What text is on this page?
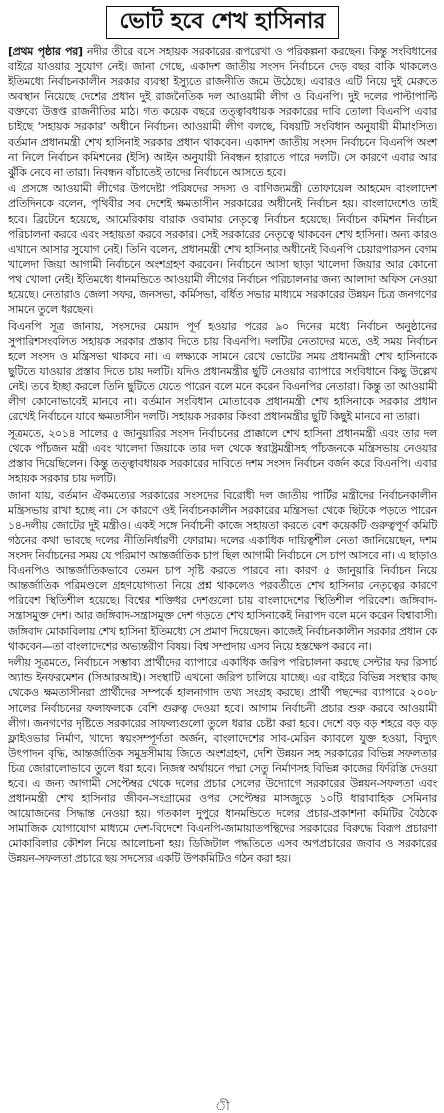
ভোট হবে শেখ হাসিনার

[প্রথম পৃষ্ঠার পর] নদীর তীরে বসে সহায়ক সরকারের রূপরেখা ও পরিকল্পনা করছেন। কিন্তু সংবিধানের বাইরে যাওয়ার সুযোগ নেই। জানা গেছে, একাদশ জাতীয় সংসদ নির্বাচনে দেড় বছর বাকি থাকলেও ইতিমধ্যে নির্বাচনকালীন সরকার ব্যবস্থা ইস্যুতে রাজনীতি জমে উঠেছে। এবারও এটি নিয়ে দুই মেরুতে অবস্থান নিয়েছে দেশের প্রধান দুই রাজনৈতিক দল আওয়ামী লীগ ও বিএনপি। দুই দলের পাল্টাপাল্টি বক্তব্যে উত্তপ্ত রাজনীতির মাঠ। গত কয়েক বছরে তত্ত্বাবধায়ক সরকারের দাবি তোলা বিএনপি এবার চাইছে ‘সহায়ক সরকার’ অধীনে নির্বাচন। আওয়ামী লীগ বলছে, বিষয়টি সংবিধান অনুযায়ী মীমাংসিত। বর্তমান প্রধানমন্ত্রী শেখ হাসিনাই সরকার প্রধান থাকবেন। একাদশ জাতীয় সংসদ নির্বাচনে বিএনপি অংশ না নিলে নির্বাচন কমিশনের (ইসি) আইন অনুযায়ী নিবন্ধন হারাতে পারে দলটি। সে কারণে এবার আর ঝুঁকি নেবে না তারা। নিবন্ধন বাঁচাতেই তাদের নির্বাচনে আসতে হবে।

এ প্রসঙ্গে আওয়ামী লীগের উপদেষ্টা পরিষদের সদস্য ও বাণিজ্যমন্ত্রী তোফায়েল আহমেদ বাংলাদেশ প্রতিদিনকে বলেন, পৃথিবীর সব দেশেই ক্ষমতাসীন সরকারের অধীনেই নির্বাচন হয়। বাংলাদেশেও তাই হবে। ব্রিটেনে হয়েছে, আমেরিকায় বারাক ওবামার নেতৃত্বে নির্বাচন হয়েছে। নির্বাচন কমিশন নির্বাচন পরিচালনা করবে এবং সহায়তা করবে সরকার। সেই সরকারের নেতৃত্বে থাকবেন শেখ হাসিনা। অন্য কারও এখানে আসার সুযোগ নেই। তিনি বলেন, প্রধানমন্ত্রী শেখ হাসিনার অধীনেই বিএনপি চেয়ারপারসন বেগম খালেদা জিয়া আগামী নির্বাচনে অংশগ্রহণ করবেন। নির্বাচনে আসা ছাড়া খালেদা জিয়ার আর কোনো পথ খোলা নেই। ইতিমধ্যে ধানমন্ডিতে আওয়ামী লীগের নির্বাচন পরিচালনার জন্য আলাদা অফিস নেওয়া হয়েছে। নেতারাও জেলা সফর, জনসভা, কর্মিসভা, বর্ধিত সভার মাধ্যমে সরকারের উন্নয়ন চিত্র জনগণের সামনে তুলে ধরছেন।

বিএনপি সূত্র জানায়, সংসদের মেয়াদ পূর্ণ হওয়ার পরের ৯০ দিনের মধ্যে নির্বাচন অনুষ্ঠানের সুপারিশসংবলিত সহায়ক সরকার প্রস্তাব দিতে চায় বিএনপি। দলটির নেতাদের মতে, ওই সময় নির্বাচন হলে সংসদ ও মন্ত্রিসভা থাকবে না। এ লক্ষ্যকে সামনে রেখে ভোটের সময় প্রধানমন্ত্রী শেখ হাসিনাকে ছুটিতে যাওয়ার প্রস্তাব দিতে চায় দলটি। যদিও প্রধানমন্ত্রীর ছুটি নেওয়ার ব্যাপারে সংবিধানে কিছু উল্লেখ নেই। তবে ইচ্ছা করলে তিনি ছুটিতে যেতে পারেন বলে মনে করেন বিএনপির নেতারা। কিন্তু তা আওয়ামী লীগ কোনোভাবেই মানবে না। বর্তমান সংবিধান মোতাবেক প্রধানমন্ত্রী শেখ হাসিনাকে সরকার প্রধান রেখেই নির্বাচনে যাবে ক্ষমতাসীন দলটি। সহায়ক সরকার কিংবা প্রধানমন্ত্রীর ছুটি কিছুই মানবে না তারা।

সূত্রমতে, ২০১৪ সালের ৫ জানুয়ারির সংসদ নির্বাচনের প্রাক্কালে শেখ হাসিনা প্রধানমন্ত্রী এবং তার দল থেকে পাঁচজন মন্ত্রী এবং খালেদা জিয়াকে তার দল থেকে স্বরাষ্ট্রমন্ত্রীসহ পাঁচজনকে মন্ত্রিসভায় নেওয়ার প্রস্তাব দিয়েছিলেন। কিন্তু তত্ত্বাবধায়ক সরকারের দাবিতে দশম সংসদ নির্বাচন বর্জন করে বিএনপি। এবার সহায়ক সরকার চায় দলটি।

জানা যায়, বর্তমান ঐকমত্যের সরকারের সংসদের বিরোধী দল জাতীয় পার্টির মন্ত্রীদের নির্বাচনকালীন মন্ত্রিসভায় রাখা হচ্ছে না। সে কারণে ওই নির্বাচনকালীন সরকারের মন্ত্রিসভা থেকে ছিটকে পড়তে পারেন ১৪-দলীয় জোটের দুই মন্ত্রীও। একই সঙ্গে নির্বাচনী কাজে সহায়তা করতে বেশ কয়েকটি গুরুত্বপূর্ণ কমিটি গঠনের কথা ভাবছে দলের নীতিনির্ধারণী ফোরাম। দলের একাধিক দায়িত্বশীল নেতা জানিয়েছেন, দশম সংসদ নির্বাচনের সময় যে পরিমাণ আন্তর্জাতিক চাপ ছিল আগামী নির্বাচনে সে চাপ আসবে না। এ ছাড়াও বিএনপিও আন্তর্জাতিকভাবে তেমন চাপ সৃষ্টি করতে পারবে না। কারণ ৫ জানুয়ারি নির্বাচন নিয়ে আন্তর্জাতিক পরিমণ্ডলে গ্রহণযোগ্যতা নিয়ে প্রশ্ন থাকলেও পরবর্তীতে শেখ হাসিনার নেতৃত্বের কারণে পরিবেশ স্থিতিশীল হয়েছে। বিশ্বের শক্তিধর দেশগুলো চায় বাংলাদেশের স্থিতিশীল পরিবেশ। জঙ্গিবাদ-সন্ত্রাসমুক্ত দেশ। আর জঙ্গিবাদ-সন্ত্রাসমুক্ত দেশ গড়তে শেখ হাসিনাকেই নিরাপদ বলে মনে করেন বিশ্বাবাসী। জঙ্গিবাদ মোকাবিলায় শেখ হাসিনা ইতিমধ্যে সে প্রমাণ দিয়েছেন। কাজেই নির্বাচনকালীন সরকার প্রধান কে থাকবেন—তা বাংলাদেশের অভ্যন্তরীণ বিষয়। বিশ্ব সম্প্রদায় এসব নিয়ে হস্তক্ষেপ করবে না।

দলীয় সূত্রমতে, নির্বাচনে সম্ভাব্য প্রার্থীদের ব্যাপারে একাধিক জরিপ পরিচালনা করছে সেন্টার ফর রিসার্চ অ্যান্ড ইনফরমেশন (সিআরআই)। সংস্থাটি এখনো জরিপ চালিয়ে যাচ্ছে। এর বাইরে বিভিন্ন সংস্থার কাছ থেকেও ক্ষমতাসীনরা প্রার্থীদের সম্পর্কে হালনাগাদ তথ্য সংগ্রহ করছে। প্রার্থী পছন্দের ব্যাপারে ২০০৮ সালের নির্বাচনের ফলাফলকে বেশি গুরুত্ব দেওয়া হবে। আগাম নির্বাচনী প্রচার শুরু করবে আওয়ামী লীগ। জনগণের দৃষ্টিতে সরকারের সাফল্যগুলো তুলে ধরার চেষ্টা করা হবে। দেশে বড় বড় শহরে বড় বড় ফ্লাইওভার নির্মাণ, খাদ্যে স্বয়ংসম্পূর্ণতা অর্জন, বাংলাদেশের সাব-মেরিন ক্যাবলে যুক্ত হওয়া, বিদ্যুৎ উৎপাদন বৃদ্ধি, আন্তর্জাতিক সমুদ্রসীমায় জিতে অংশগ্রহণ, দেশি উন্নয়ন সহ সরকারের বিভিন্ন সফলতার চিত্র জোরালোভাবে তুলে ধরা হবে। নিজস্ব অর্থায়নে পদ্মা সেতু নির্মাণসহ বিভিন্ন কাজের ফিরিস্তি দেওয়া হবে। এ জন্য আগামী সেপ্টেম্বর থেকে দলের প্রচার সেলের উদ্যোগে সরকারের উন্নয়ন-সফলতা এবং প্রধানমন্ত্রী শেখ হাসিনার জীবন-সংগ্রামের ওপর সেপ্টেম্বর মাসজুড়ে ১০টি ধারাবাহিক সেমিনার আয়োজনের সিদ্ধান্ত নেওয়া হয়। গতকাল দুপুরে ধানমন্ডিতে দলের প্রচার-প্রকাশনা কমিটির বৈঠকে সামাজিক যোগাযোগ মাধ্যমে দেশ-বিদেশে বিএনপি-জামায়াতপন্থিদের সরকারের বিরুদ্ধে বিরূপ প্রচারণা মোকাবিলার কৌশল নিয়ে আলোচনা হয়। ডিজিটাল পদ্ধতিতে এসব অপপ্রচারের জবাব ও সরকারের উন্নয়ন-সফলতা প্রচারে ছয় সদস্যের একটি উপকমিটিও গঠন করা হয়।

ী
